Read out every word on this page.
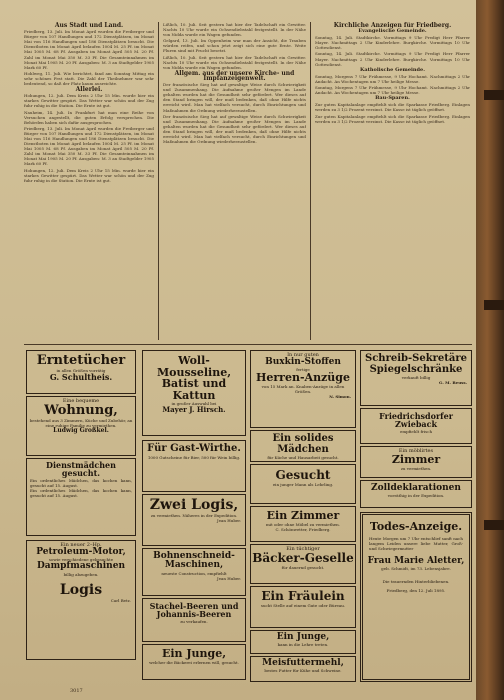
Aus Stadt und Land.

Friedberg, 13. Juli. Im Monat April wurden die Freiberger und Bürger von 107 Handlungen und 172 Dienstplätzen, im Monat Mai von 116 Handlungen und 186 Dienstplätzen besucht. Die Dienstboten im Monat April belaufen 1004 M. 25 Pf. im Monat Mai 1005 M. 68 Pf. Ausgaben im Monat April 505 M. 20 Pf. Zahl im Monat Mai 350 M. 33 Pf. Die Gesamteinnahmen im Monat Mai 1905 M. 20 Pf. Ausgaben: M. 3 an Stadtgelder 1905 Mark 60 Pf.

Hohlweg, 11. Juli. Wie berichtet, fand am Sonntag Mittag ein sehr schönes Fest statt. Die Zahl der Theilnehmer war sehr bedeutend, so daß der Platz kaum ausreichte.

Allerlei.

Hohungen, 12. Juli. Dem Kreis 2 Uhr 15 Min. wurde hier ein starkes Gewitter gespürt. Das Wetter war schön und der Zug fuhr ruhig in die Station. Die Ernte ist gut.

Nauheim, 14. Juli. In Frankfurt hat man eine Reihe von Versuchen angestellt, die guten Erfolg versprechen. Die Behörden haben sich dafür ausgesprochen.

Friedberg, 13. Juli. Im Monat April wurden die Freiberger und Bürger von 107 Handlungen und 172 Dienstplätzen, im Monat Mai von 116 Handlungen und 186 Dienstplätzen besucht. Die Dienstboten im Monat April belaufen 1004 M. 25 Pf. im Monat Mai 1005 M. 68 Pf. Ausgaben im Monat April 505 M. 20 Pf. Zahl im Monat Mai 350 M. 33 Pf. Die Gesamteinnahmen im Monat Mai 1905 M. 20 Pf. Ausgaben: M. 3 an Stadtgelder 1905 Mark 60 Pf.

Hohungen, 12. Juli. Dem Kreis 2 Uhr 15 Min. wurde hier ein starkes Gewitter gespürt. Das Wetter war schön und der Zug fuhr ruhig in die Station. Die Ernte ist gut.

Lißlich, 10. Juli. Seit gestern hat hier der Tadelschaft ein Gewitter. Nachts 10 Uhr wurde ein Ochsendiebstahl festgestellt. In der Nähe von Nidda wurde ein Wagen gefunden.

Gelgard, 13. Juli. Im Oppenheim war man der Ansicht, die Trauben würden reifen, und schon jetzt zeigt sich eine gute Ernte. Weite Fluren sind mit Frucht besetzt.

Lißlich, 10. Juli. Seit gestern hat hier der Tadelschaft ein Gewitter. Nachts 10 Uhr wurde ein Ochsendiebstahl festgestellt. In der Nähe von Nidda wurde ein Wagen gefunden.

Allgem. aus der unsere Kirche- und Impfanzeigenwelt.

Der französische Sieg hat auf gewaltige Weise durch Schwierigkeit und Zusammenhang. Die Aufnahme großer Mengen im Lande gehalten wurden hat die Gesundheit sehr gefördert. Wer dieses auf den Stand bringen will, der muß bedenken, daß ohne Hilfe nichts erreicht wird. Man hat vielfach versucht, durch Einrichtungen und Maßnahmen die Ordnung wiederherzustellen.

Der französische Sieg hat auf gewaltige Weise durch Schwierigkeit und Zusammenhang. Die Aufnahme großer Mengen im Lande gehalten wurden hat die Gesundheit sehr gefördert. Wer dieses auf den Stand bringen will, der muß bedenken, daß ohne Hilfe nichts erreicht wird. Man hat vielfach versucht, durch Einrichtungen und Maßnahmen die Ordnung wiederherzustellen.

Kirchliche Anzeigen für Friedberg.
Evangelische Gemeinde.

Sonntag, 14. Juli. Stadtkirche. Vormittags 9 Uhr Predigt Herr Pfarrer Mayer. Nachmittags 2 Uhr Kinderlehre. Burgkirche. Vormittags 10 Uhr Gottesdienst.

Sonntag, 14. Juli. Stadtkirche. Vormittags 9 Uhr Predigt Herr Pfarrer Mayer. Nachmittags 2 Uhr Kinderlehre. Burgkirche. Vormittags 10 Uhr Gottesdienst.

Katholische Gemeinde.

Sonntag, Morgens 7 Uhr Frühmesse, 9 Uhr Hochamt. Nachmittags 2 Uhr Andacht. An Wochentagen um 7 Uhr heilige Messe.

Sonntag, Morgens 7 Uhr Frühmesse, 9 Uhr Hochamt. Nachmittags 2 Uhr Andacht. An Wochentagen um 7 Uhr heilige Messe.

Bau-Sparen.

Zur guten Kapitalanlage empfiehlt sich die Sparkasse Friedberg. Einlagen werden zu 3 1/2 Prozent verzinst. Die Kasse ist täglich geöffnet.

Zur guten Kapitalanlage empfiehlt sich die Sparkasse Friedberg. Einlagen werden zu 3 1/2 Prozent verzinst. Die Kasse ist täglich geöffnet.

Erntetücher
in allen Größen vorrätig
G. Schultheis.
Eine bequeme
Wohnung,
bestehend aus 3 Zimmern, Küche und Zubehör, an eine ruhige Familie zu vermiethen.
Ludwig Großkel.
Dienstmädchen gesucht.
Ein ordentliches Mädchen, das kochen kann, gesucht auf 15. August.
Ein ordentliches Mädchen, das kochen kann, gesucht auf 15. August.
Ein neuer 2–Hp.
Petroleum-Motor,
sowie verschiedene gebrauchte
Dampfmaschinen
billig abzugeben.
Logis
Carl Betz.
Woll-Mousseline, Batist und Kattun
in großer Auswahl bei
Mayer J. Hirsch.
Für Gast-Wirthe.
1000 Gutscheine für Bier, 500 für Wein billig.
Zwei Logis,
zu vermiethen. Näheres in der Expedition.
Jean Huber.
Bohnenschneid-Maschinen,
neueste Construction, empfiehlt
Jean Huber.
Stachel-Beeren und Johannis-Beeren
zu verkaufen.
Ein Junge,
welcher die Bäckerei erlernen will, gesucht.
In nur guten
Buxkin-Stoffen
fertige
Herren-Anzüge
von 15 Mark an. Knaben-Anzüge in allen Größen.
N. Simon.
Ein solides Mädchen
für Küche und Hausarbeit gesucht.
Gesucht
ein junger Mann als Lehrling.
Ein Zimmer
mit oder ohne Möbel zu vermiethen.
C. Schönwetter, Friedberg.
Ein tüchtiger
Bäcker-Geselle
für dauernd gesucht.
Ein Fräulein
sucht Stelle auf einem Gute oder Büreau.
Ein Junge,
kann in die Lehre treten.
Meisfuttermehl,
bestes Futter für Kühe und Schweine.
Schreib-Sekretäre Spiegelschränke
verkauft billig
G. M. Reuss.
Friedrichsdorfer Zwieback
empfiehlt frisch
Ein möblirtes
Zimmer
zu vermiethen.
Zolldeklarationen
vorräthig in der Expedition.
Todes-Anzeige.
Heute Morgen um 7 Uhr entschlief sanft nach langem Leiden unsere liebe Mutter, Groß- und Schwiegermutter
Frau Marie Aletter,
geb. Schmidt, im 73. Lebensjahre.
Die trauernden Hinterbliebenen.
Friedberg, den 12. Juli 1895.
3017
